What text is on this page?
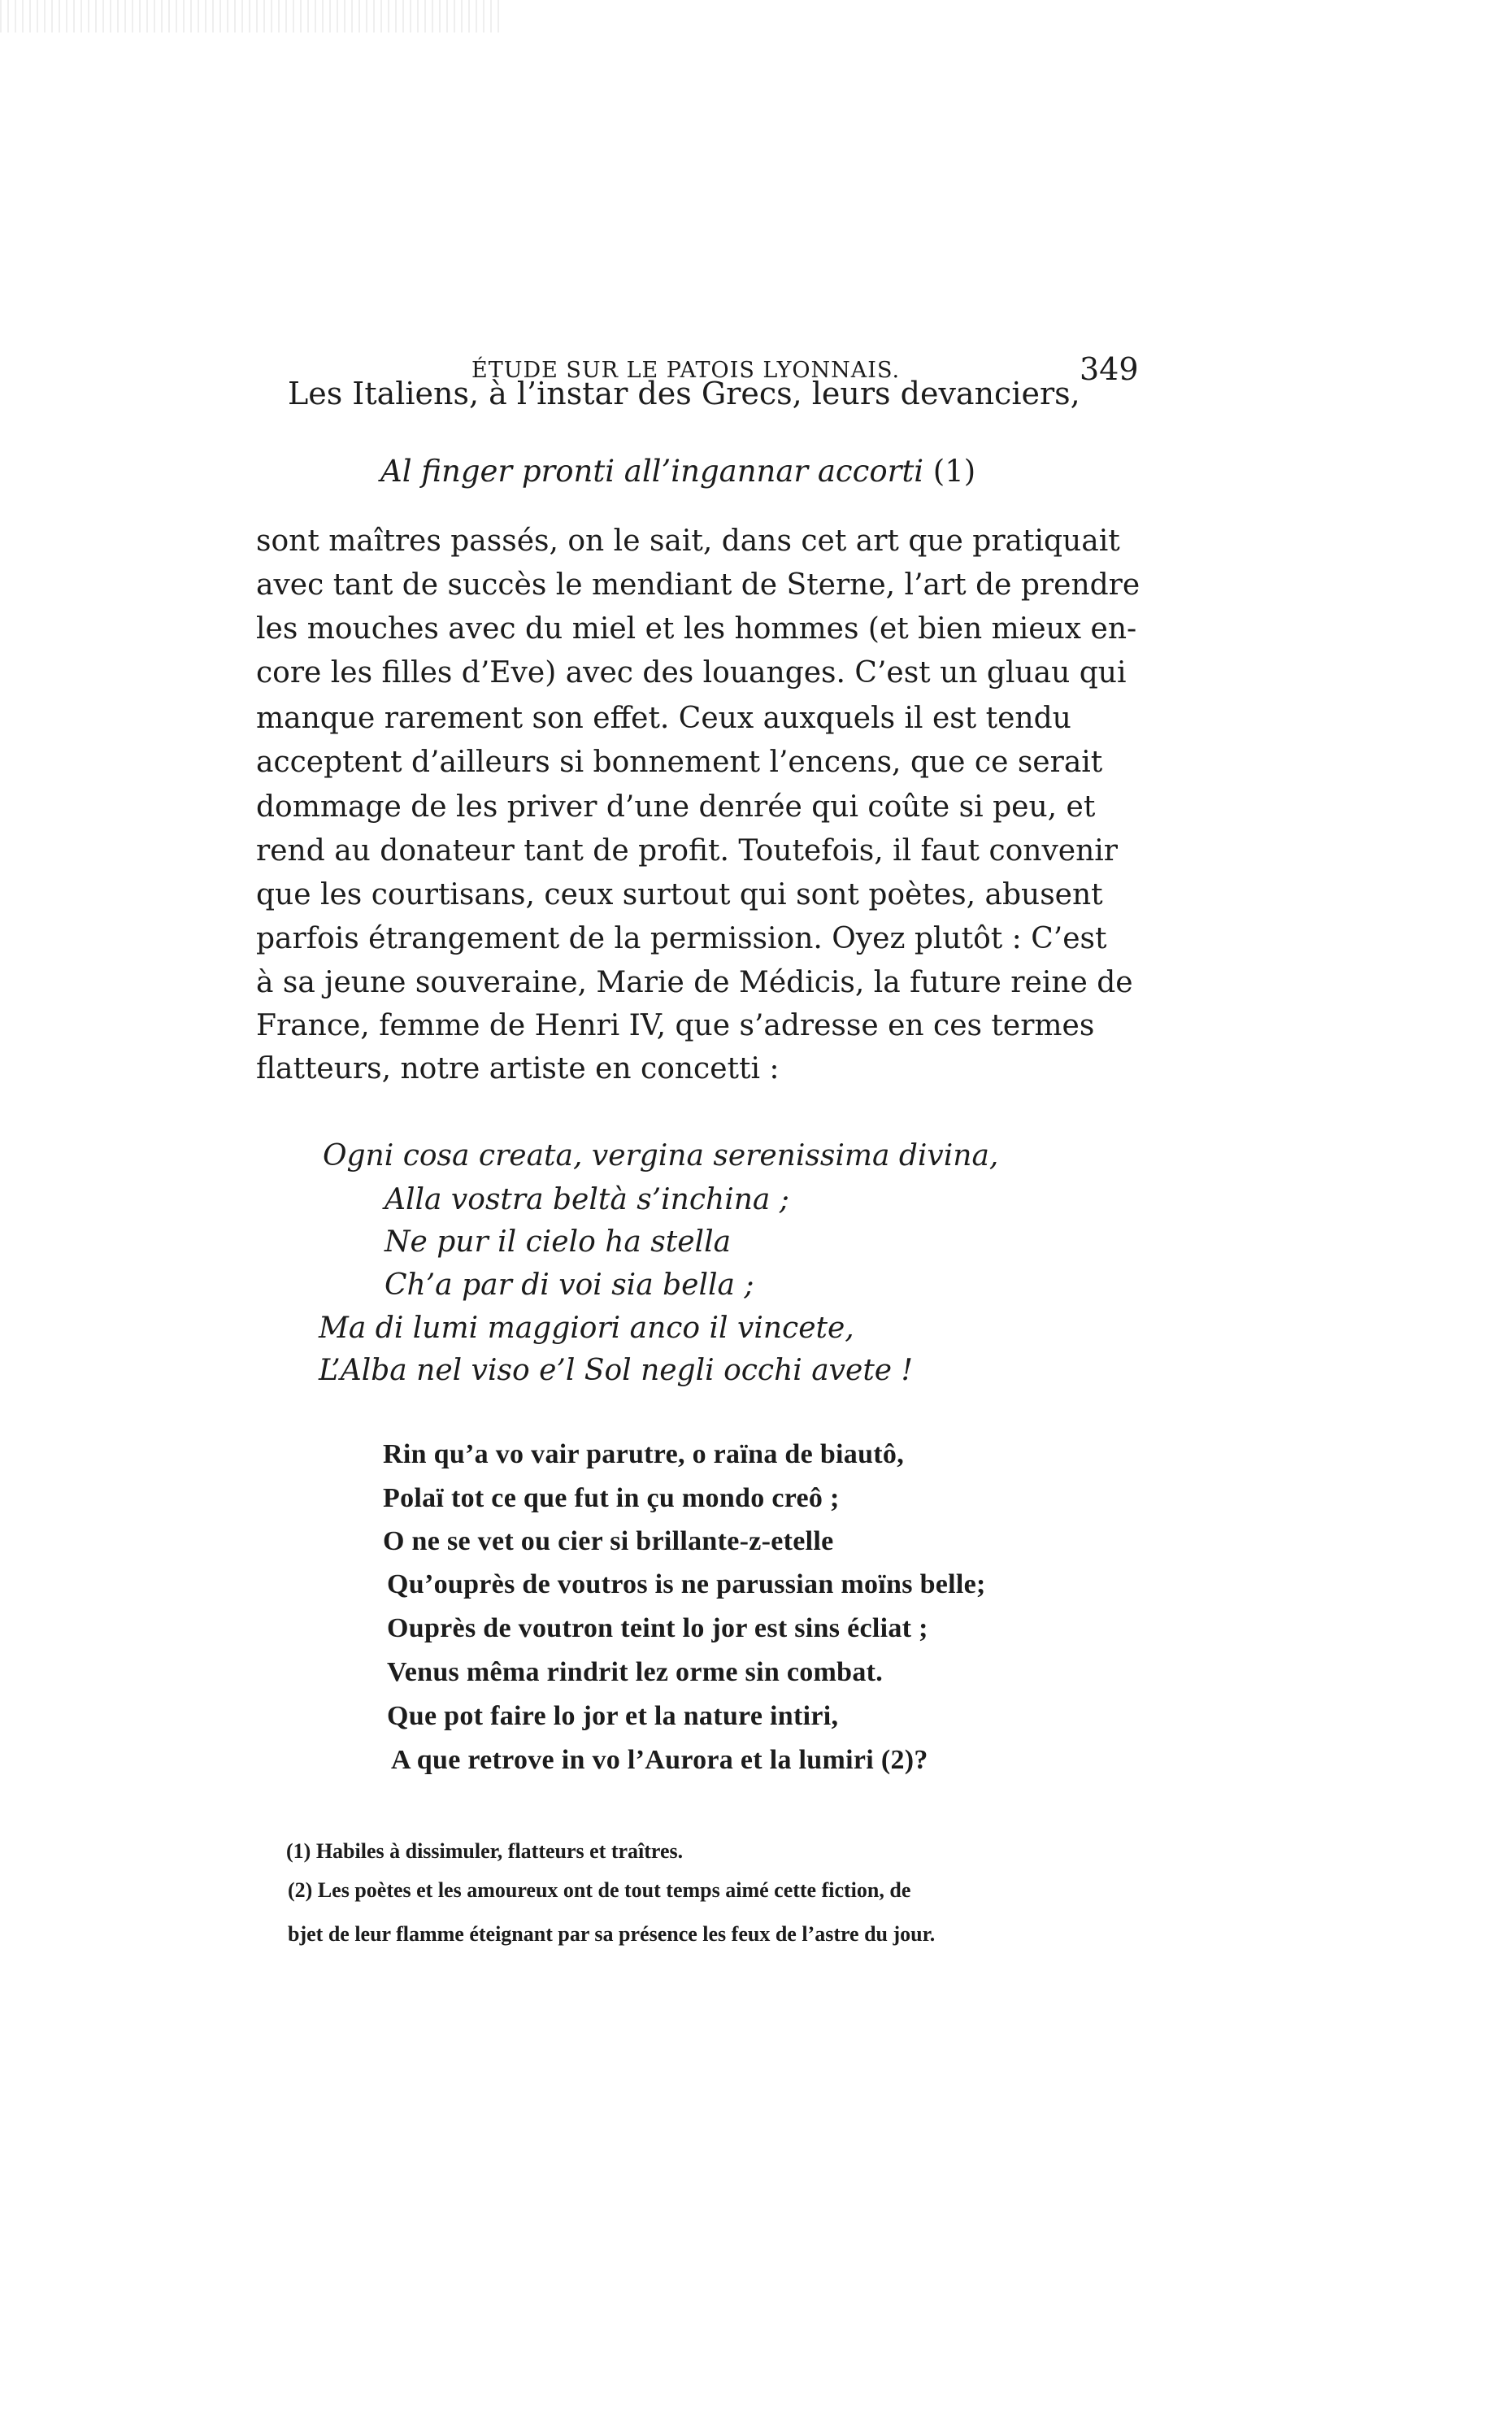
ÉTUDE SUR LE PATOIS LYONNAIS.	349
Les Italiens, à l’instar des Grecs, leurs devanciers,
Al finger pronti all’ingannar accorti (1)
sont maîtres passés, on le sait, dans cet art que pratiquait
avec tant de succès le mendiant de Sterne, l’art de prendre
les mouches avec du miel et les hommes (et bien mieux en-
core les filles d’Eve) avec des louanges. C’est un gluau qui
manque rarement son effet. Ceux auxquels il est tendu
acceptent d’ailleurs si bonnement l’encens, que ce serait
dommage de les priver d’une denrée qui coûte si peu, et
rend au donateur tant de profit. Toutefois, il faut convenir
que les courtisans, ceux surtout qui sont poètes, abusent
parfois étrangement de la permission. Oyez plutôt : C’est
à sa jeune souveraine, Marie de Médicis, la future reine de
France, femme de Henri IV, que s’adresse en ces termes
flatteurs, notre artiste en concetti :
Ogni cosa creata, vergina serenissima divina,
Alla vostra beltà s’inchina ;
Ne pur il cielo ha stella
Ch’a par di voi sia bella ;
Ma di lumi maggiori anco il vincete,
L’Alba nel viso e’l Sol negli occhi avete !
Rin qu’a vo vair parutre, o raïna de biautô,
Polaï tot ce que fut in çu mondo creô ;
O ne se vet ou cier si brillante-z-etelle
Qu’ouprès de voutros is ne parussian moïns belle;
Ouprès de voutron teint lo jor est sins écliat ;
Venus mêma rindrit lez orme sin combat.
Que pot faire lo jor et la nature intiri,
A que retrove in vo l’Aurora et la lumiri (2)?
(1) Habiles à dissimuler, flatteurs et traîtres.
(2) Les poètes et les amoureux ont de tout temps aimé cette fiction, de
bjet de leur flamme éteignant par sa présence les feux de l’astre du jour.
